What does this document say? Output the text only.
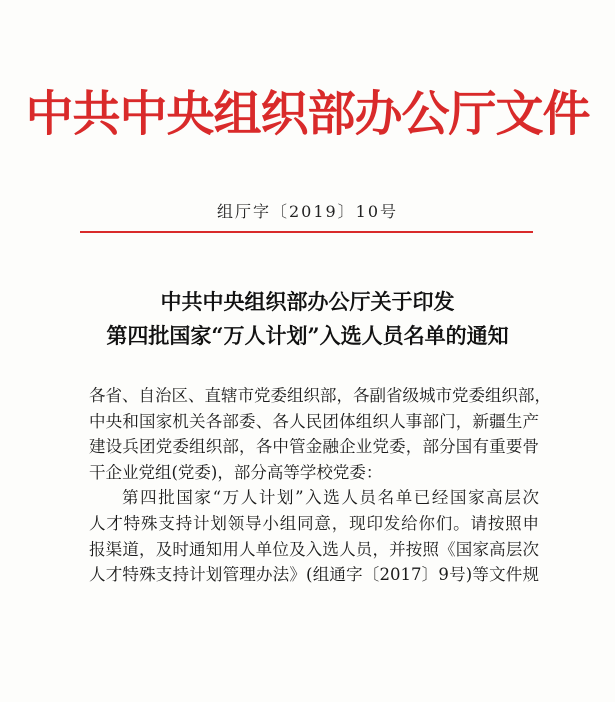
中共中央组织部办公厅文件
组厅字〔2019〕10号
中共中央组织部办公厅关于印发
第四批国家“万人计划”入选人员名单的通知
各省、自治区、直辖市党委组织部，各副省级城市党委组织部，
中央和国家机关各部委、各人民团体组织人事部门，新疆生产
建设兵团党委组织部，各中管金融企业党委，部分国有重要骨
干企业党组(党委)，部分高等学校党委：
第四批国家“万人计划”入选人员名单已经国家高层次
人才特殊支持计划领导小组同意，现印发给你们。请按照申
报渠道，及时通知用人单位及入选人员，并按照《国家高层次
人才特殊支持计划管理办法》(组通字〔2017〕9号)等文件规
